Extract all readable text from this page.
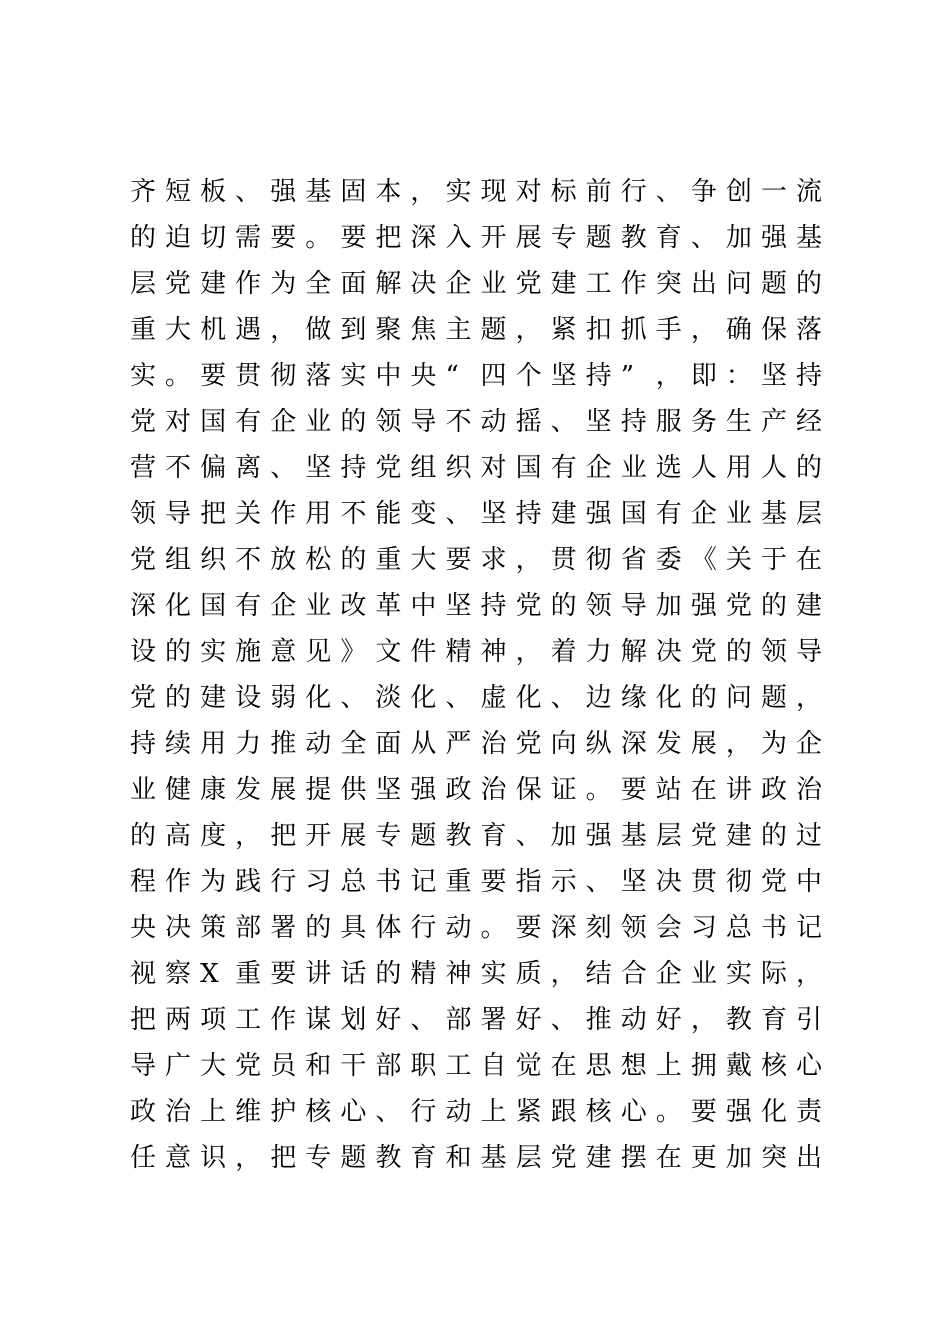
齐 短 板 、 强 基 固 本 ， 实 现 对 标 前 行 、 争 创 一 流
的 迫 切 需 要 。 要 把 深 入 开 展 专 题 教 育 、 加 强 基
层 党 建 作 为 全 面 解 决 企 业 党 建 工 作 突 出 问 题 的
重 大 机 遇 ， 做 到 聚 焦 主 题 ， 紧 扣 抓 手 ， 确 保 落
实 。 要 贯 彻 落 实 中 央 “ 四 个 坚 持 ” ， 即 ： 坚 持
党 对 国 有 企 业 的 领 导 不 动 摇 、 坚 持 服 务 生 产 经
营 不 偏 离 、 坚 持 党 组 织 对 国 有 企 业 选 人 用 人 的
领 导 把 关 作 用 不 能 变 、 坚 持 建 强 国 有 企 业 基 层
党 组 织 不 放 松 的 重 大 要 求 ， 贯 彻 省 委 《 关 于 在
深 化 国 有 企 业 改 革 中 坚 持 党 的 领 导 加 强 党 的 建
设 的 实 施 意 见 》 文 件 精 神 ， 着 力 解 决 党 的 领 导
党 的 建 设 弱 化 、 淡 化 、 虚 化 、 边 缘 化 的 问 题 ，
持 续 用 力 推 动 全 面 从 严 治 党 向 纵 深 发 展 ， 为 企
业 健 康 发 展 提 供 坚 强 政 治 保 证 。 要 站 在 讲 政 治
的 高 度 ， 把 开 展 专 题 教 育 、 加 强 基 层 党 建 的 过
程 作 为 践 行 习 总 书 记 重 要 指 示 、 坚 决 贯 彻 党 中
央 决 策 部 署 的 具 体 行 动 。 要 深 刻 领 会 习 总 书 记
视 察 X 重 要 讲 话 的 精 神 实 质 ， 结 合 企 业 实 际 ，
把 两 项 工 作 谋 划 好 、 部 署 好 、 推 动 好 ， 教 育 引
导 广 大 党 员 和 干 部 职 工 自 觉 在 思 想 上 拥 戴 核 心
政 治 上 维 护 核 心 、 行 动 上 紧 跟 核 心 。 要 强 化 责
任 意 识 ， 把 专 题 教 育 和 基 层 党 建 摆 在 更 加 突 出
